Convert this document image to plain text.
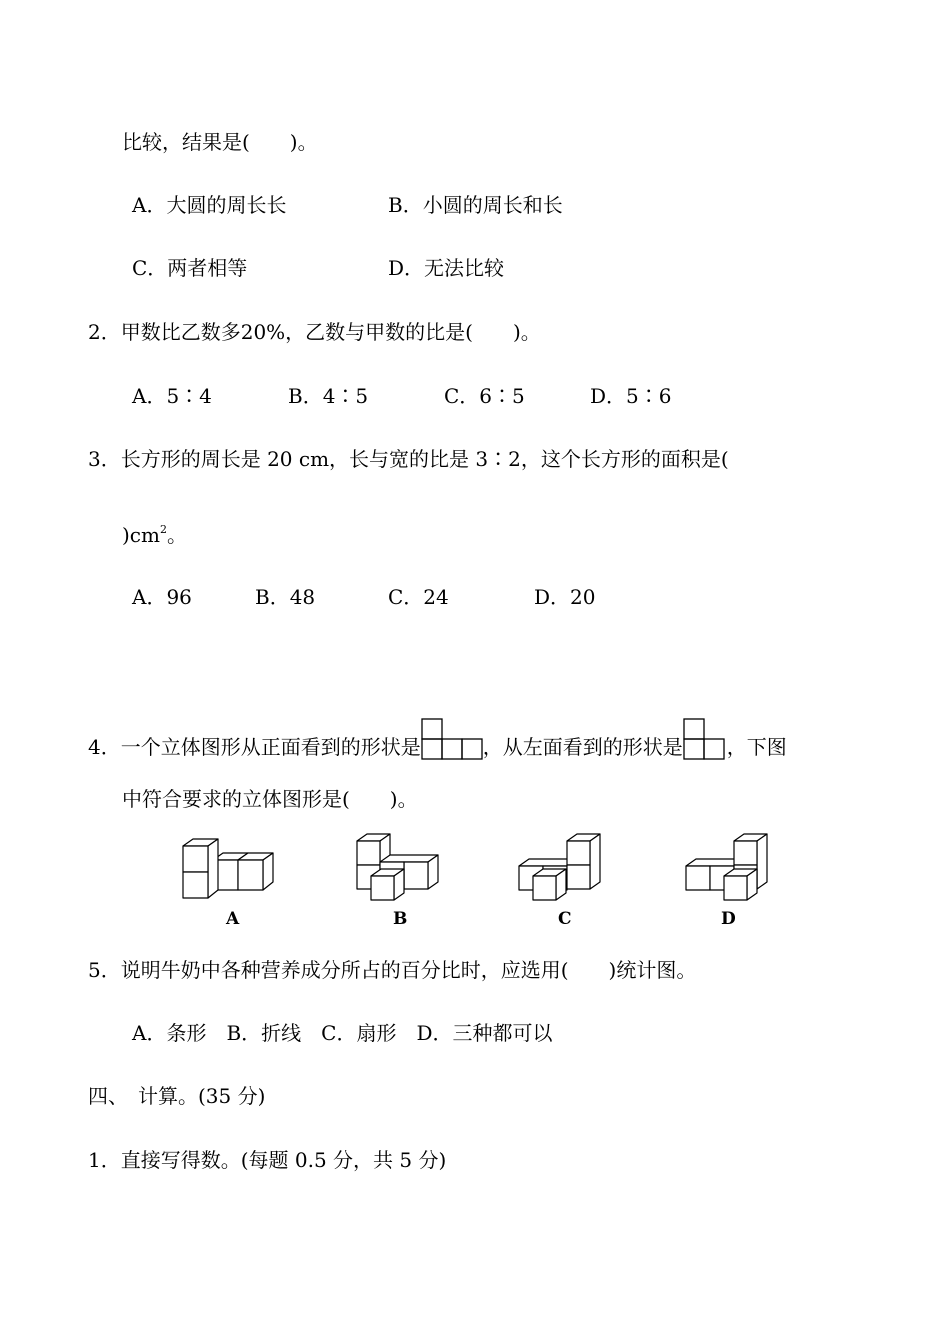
比较，结果是(　　)。
A．大圆的周长长	B．小圆的周长和长
C．两者相等	D．无法比较
2．甲数比乙数多20%，乙数与甲数的比是(　　)。
A．5∶4	B．4∶5	C．6∶5	D．5∶6
3．长方形的周长是 20 cm，长与宽的比是 3∶2，这个长方形的面积是(
)$cm^2$。
A．96	B．48	C．24	D．20
4．一个立体图形从正面看到的形状是	，从左面看到的形状是 ，下图
中符合要求的立体图形是(　　)。
A	B	C	D
5．说明牛奶中各种营养成分所占的百分比时，应选用(　　)统计图。
A．条形　B．折线　C．扇形　D．三种都可以
四、　计算。(35 分)
1．直接写得数。(每题 0.5 分，共 5 分)
